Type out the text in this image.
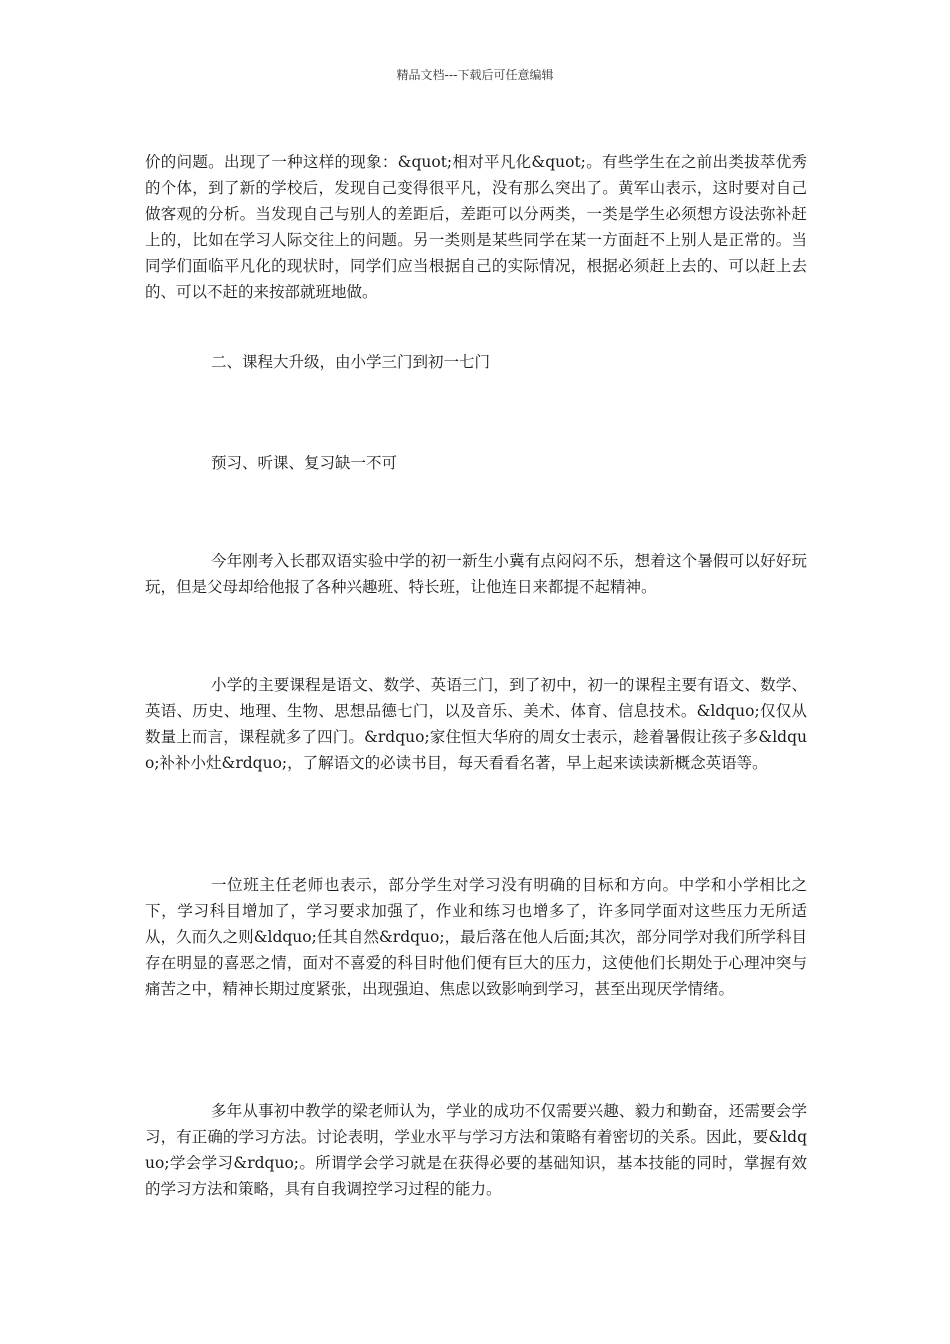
精品文档---下载后可任意编辑

价的问题。出现了一种这样的现象：&quot;相对平凡化&quot;。有些学生在之前出类拔萃优秀的个体，到了新的学校后，发现自己变得很平凡，没有那么突出了。黄军山表示，这时要对自己做客观的分析。当发现自己与别人的差距后，差距可以分两类，一类是学生必须想方设法弥补赶上的，比如在学习人际交往上的问题。另一类则是某些同学在某一方面赶不上别人是正常的。当同学们面临平凡化的现状时，同学们应当根据自己的实际情况，根据必须赶上去的、可以赶上去的、可以不赶的来按部就班地做。

二、课程大升级，由小学三门到初一七门

预习、听课、复习缺一不可

今年刚考入长郡双语实验中学的初一新生小冀有点闷闷不乐，想着这个暑假可以好好玩玩，但是父母却给他报了各种兴趣班、特长班，让他连日来都提不起精神。

小学的主要课程是语文、数学、英语三门，到了初中，初一的课程主要有语文、数学、英语、历史、地理、生物、思想品德七门，以及音乐、美术、体育、信息技术。&ldquo;仅仅从数量上而言，课程就多了四门。&rdquo;家住恒大华府的周女士表示，趁着暑假让孩子多&ldquo;补补小灶&rdquo;，了解语文的必读书目，每天看看名著，早上起来读读新概念英语等。

一位班主任老师也表示，部分学生对学习没有明确的目标和方向。中学和小学相比之下，学习科目增加了，学习要求加强了，作业和练习也增多了，许多同学面对这些压力无所适从，久而久之则&ldquo;任其自然&rdquo;，最后落在他人后面;其次，部分同学对我们所学科目存在明显的喜恶之情，面对不喜爱的科目时他们便有巨大的压力，这使他们长期处于心理冲突与痛苦之中，精神长期过度紧张，出现强迫、焦虑以致影响到学习，甚至出现厌学情绪。

多年从事初中教学的梁老师认为，学业的成功不仅需要兴趣、毅力和勤奋，还需要会学习，有正确的学习方法。讨论表明，学业水平与学习方法和策略有着密切的关系。因此，要&ldquo;学会学习&rdquo;。所谓学会学习就是在获得必要的基础知识，基本技能的同时，掌握有效的学习方法和策略，具有自我调控学习过程的能力。
